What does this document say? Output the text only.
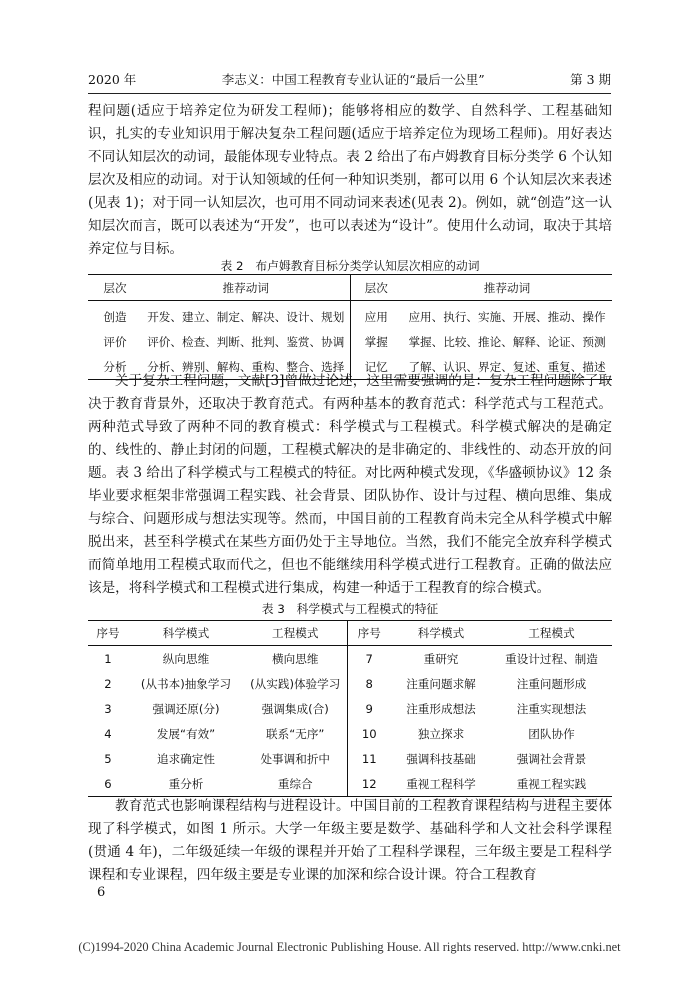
2020 年	李志义：中国工程教育专业认证的“最后一公里”	第 3 期

程问题(适应于培养定位为研发工程师)；能够将相应的数学、自然科学、工程基础知识，扎实的专业知识用于解决复杂工程问题(适应于培养定位为现场工程师)。用好表达不同认知层次的动词，最能体现专业特点。表 2 给出了布卢姆教育目标分类学 6 个认知层次及相应的动词。对于认知领域的任何一种知识类别，都可以用 6 个认知层次来表述(见表 1)；对于同一认知层次，也可用不同动词来表述(见表 2)。例如，就“创造”这一认知层次而言，既可以表述为“开发”，也可以表述为“设计”。使用什么动词，取决于其培养定位与目标。

表 2　布卢姆教育目标分类学认知层次相应的动词
层次	推荐动词	层次	推荐动词
创造	开发、建立、制定、解决、设计、规划	应用	应用、执行、实施、开展、推动、操作
评价	评价、检查、判断、批判、鉴赏、协调	掌握	掌握、比较、推论、解释、论证、预测
分析	分析、辨别、解构、重构、整合、选择	记忆	了解、认识、界定、复述、重复、描述

关于复杂工程问题，文献[3]曾做过论述，这里需要强调的是：复杂工程问题除了取决于教育背景外，还取决于教育范式。有两种基本的教育范式：科学范式与工程范式。两种范式导致了两种不同的教育模式：科学模式与工程模式。科学模式解决的是确定的、线性的、静止封闭的问题，工程模式解决的是非确定的、非线性的、动态开放的问题。表 3 给出了科学模式与工程模式的特征。对比两种模式发现，《华盛顿协议》12 条毕业要求框架非常强调工程实践、社会背景、团队协作、设计与过程、横向思维、集成与综合、问题形成与想法实现等。然而，中国目前的工程教育尚未完全从科学模式中解脱出来，甚至科学模式在某些方面仍处于主导地位。当然，我们不能完全放弃科学模式而简单地用工程模式取而代之，但也不能继续用科学模式进行工程教育。正确的做法应该是，将科学模式和工程模式进行集成，构建一种适于工程教育的综合模式。

表 3　科学模式与工程模式的特征
序号	科学模式	工程模式	序号	科学模式	工程模式
1	纵向思维	横向思维	7	重研究	重设计过程、制造
2	(从书本)抽象学习	(从实践)体验学习	8	注重问题求解	注重问题形成
3	强调还原(分)	强调集成(合)	9	注重形成想法	注重实现想法
4	发展“有效”	联系“无序”	10	独立探求	团队协作
5	追求确定性	处事调和折中	11	强调科技基础	强调社会背景
6	重分析	重综合	12	重视工程科学	重视工程实践

教育范式也影响课程结构与进程设计。中国目前的工程教育课程结构与进程主要体现了科学模式，如图 1 所示。大学一年级主要是数学、基础科学和人文社会科学课程(贯通 4 年)，二年级延续一年级的课程并开始了工程科学课程，三年级主要是工程科学课程和专业课程，四年级主要是专业课的加深和综合设计课。符合工程教育

6
(C)1994-2020 China Academic Journal Electronic Publishing House. All rights reserved. http://www.cnki.net
